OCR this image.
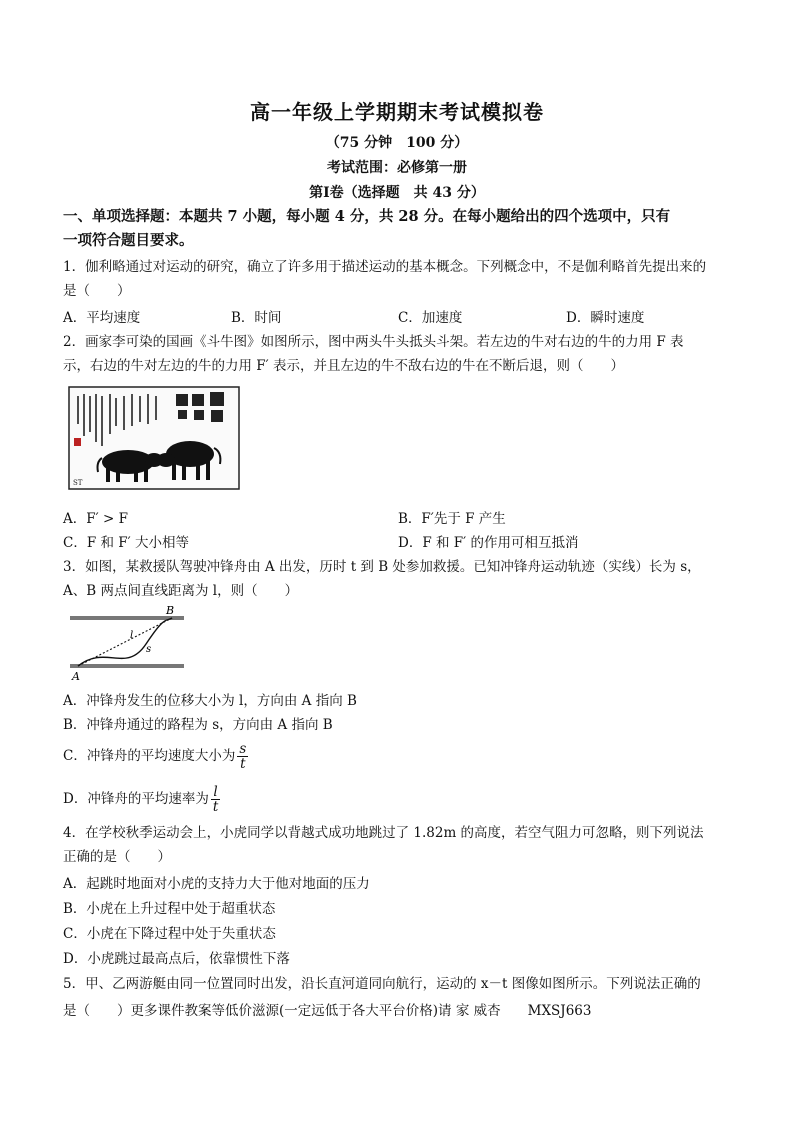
高一年级上学期期末考试模拟卷
（75 分钟　100 分）
考试范围：必修第一册
第Ⅰ卷（选择题　共 43 分）
一、单项选择题：本题共 7 小题，每小题 4 分，共 28 分。在每小题给出的四个选项中，只有
一项符合题目要求。
1．伽利略通过对运动的研究，确立了许多用于描述运动的基本概念。下列概念中，不是伽利略首先提出来的
是（　　）
A．平均速度	B．时间	C．加速度	D．瞬时速度
2．画家李可染的国画《斗牛图》如图所示，图中两头牛头抵头斗架。若左边的牛对右边的牛的力用 F 表
示，右边的牛对左边的牛的力用 F′ 表示，并且左边的牛不敌右边的牛在不断后退，则（　　）
ST
A．F′ > F	B．F′先于 F 产生
C．F 和 F′ 大小相等	D．F 和 F′ 的作用可相互抵消
3．如图，某救援队驾驶冲锋舟由 A 出发，历时 t 到 B 处参加救援。已知冲锋舟运动轨迹（实线）长为 s，
A、B 两点间直线距离为 l，则（　　）
A
B
l
s
A．冲锋舟发生的位移大小为 l，方向由 A 指向 B
B．冲锋舟通过的路程为 s，方向由 A 指向 B
C．冲锋舟的平均速度大小为 $\frac{s}{t}$
D．冲锋舟的平均速率为 $\frac{l}{t}$
4．在学校秋季运动会上，小虎同学以背越式成功地跳过了 1.82m 的高度，若空气阻力可忽略，则下列说法
正确的是（　　）
A．起跳时地面对小虎的支持力大于他对地面的压力
B．小虎在上升过程中处于超重状态
C．小虎在下降过程中处于失重状态
D．小虎跳过最高点后，依靠惯性下落
5．甲、乙两游艇由同一位置同时出发，沿长直河道同向航行，运动的 x－t 图像如图所示。下列说法正确的
是（　　）更多课件教案等低价滋源(一定远低于各大平台价格)请 家 威杏　　MXSJ663
